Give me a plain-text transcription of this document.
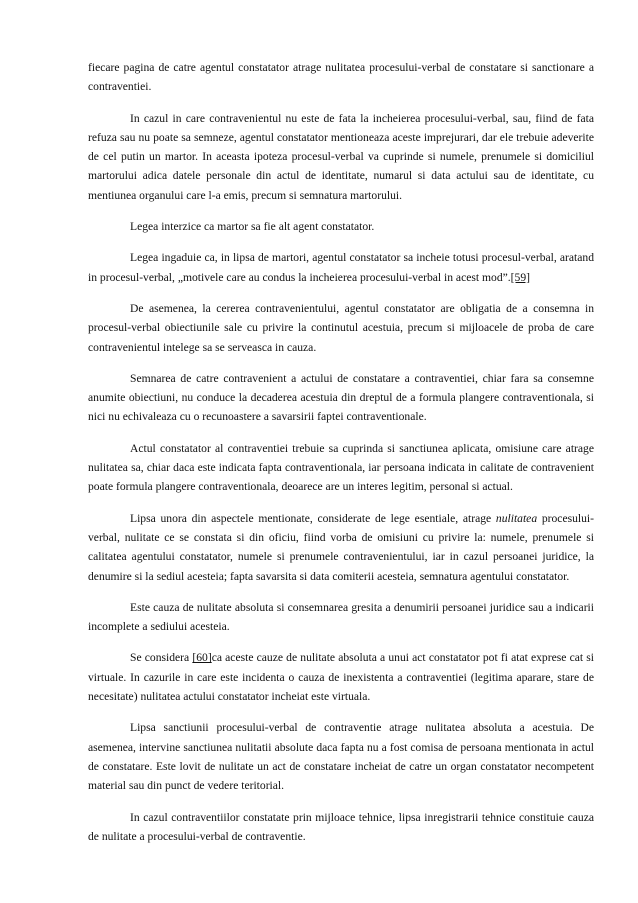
fiecare pagina de catre agentul constatator atrage nulitatea procesului-verbal de constatare si sanctionare a contraventiei.

In cazul in care contravenientul nu este de fata la incheierea procesului-verbal, sau, fiind de fata refuza sau nu poate sa semneze, agentul constatator mentioneaza aceste imprejurari, dar ele trebuie adeverite de cel putin un martor. In aceasta ipoteza procesul-verbal va cuprinde si numele, prenumele si domiciliul martorului adica datele personale din actul de identitate, numarul si data actului sau de identitate, cu mentiunea organului care l-a emis, precum si semnatura martorului.

Legea interzice ca martor sa fie alt agent constatator.

Legea ingaduie ca, in lipsa de martori, agentul constatator sa incheie totusi procesul-verbal, aratand in procesul-verbal, „motivele care au condus la incheierea procesului-verbal in acest mod”.[59]

De asemenea, la cererea contravenientului, agentul constatator are obligatia de a consemna in procesul-verbal obiectiunile sale cu privire la continutul acestuia, precum si mijloacele de proba de care contravenientul intelege sa se serveasca in cauza.

Semnarea de catre contravenient a actului de constatare a contraventiei, chiar fara sa consemne anumite obiectiuni, nu conduce la decaderea acestuia din dreptul de a formula plangere contraventionala, si nici nu echivaleaza cu o recunoastere a savarsirii faptei contraventionale.

Actul constatator al contraventiei trebuie sa cuprinda si sanctiunea aplicata, omisiune care atrage nulitatea sa, chiar daca este indicata fapta contraventionala, iar persoana indicata in calitate de contravenient poate formula plangere contraventionala, deoarece are un interes legitim, personal si actual.

Lipsa unora din aspectele mentionate, considerate de lege esentiale, atrage nulitatea procesului-verbal, nulitate ce se constata si din oficiu, fiind vorba de omisiuni cu privire la: numele, prenumele si calitatea agentului constatator, numele si prenumele contravenientului, iar in cazul persoanei juridice, la denumire si la sediul acesteia; fapta savarsita si data comiterii acesteia, semnatura agentului constatator.

Este cauza de nulitate absoluta si consemnarea gresita a denumirii persoanei juridice sau a indicarii incomplete a sediului acesteia.

Se considera [60]ca aceste cauze de nulitate absoluta a unui act constatator pot fi atat exprese cat si virtuale. In cazurile in care este incidenta o cauza de inexistenta a contraventiei (legitima aparare, stare de necesitate) nulitatea actului constatator incheiat este virtuala.

Lipsa sanctiunii procesului-verbal de contraventie atrage nulitatea absoluta a acestuia. De asemenea, intervine sanctiunea nulitatii absolute daca fapta nu a fost comisa de persoana mentionata in actul de constatare. Este lovit de nulitate un act de constatare incheiat de catre un organ constatator necompetent material sau din punct de vedere teritorial.

In cazul contraventiilor constatate prin mijloace tehnice, lipsa inregistrarii tehnice constituie cauza de nulitate a procesului-verbal de contraventie.
